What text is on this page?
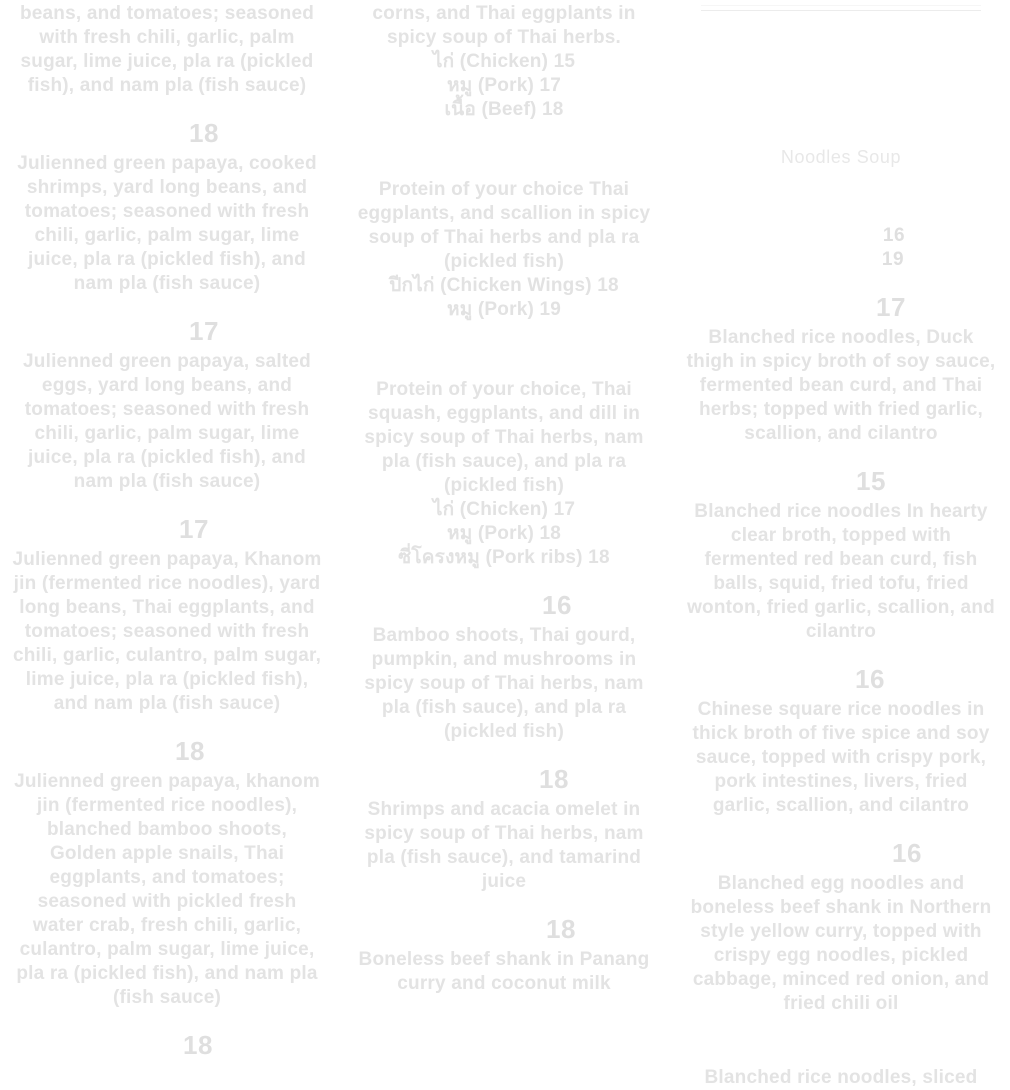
beans, and tomatoes; seasoned with fresh chili, garlic, palm sugar, lime juice, pla ra (pickled fish), and nam pla (fish sauce)
18
Julienned green papaya, cooked shrimps, yard long beans, and tomatoes; seasoned with fresh chili, garlic, palm sugar, lime juice, pla ra (pickled fish), and nam pla (fish sauce)
17
Julienned green papaya, salted eggs, yard long beans, and tomatoes; seasoned with fresh chili, garlic, palm sugar, lime juice, pla ra (pickled fish), and nam pla (fish sauce)
17
Julienned green papaya, Khanom jin (fermented rice noodles), yard long beans, Thai eggplants, and tomatoes; seasoned with fresh chili, garlic, culantro, palm sugar, lime juice, pla ra (pickled fish), and nam pla (fish sauce)
18
Julienned green papaya, khanom jin (fermented rice noodles), blanched bamboo shoots, Golden apple snails, Thai eggplants, and tomatoes; seasoned with pickled fresh water crab, fresh chili, garlic, culantro, palm sugar, lime juice, pla ra (pickled fish), and nam pla (fish sauce)
18
corns, and Thai eggplants in spicy soup of Thai herbs.
ไก่ (Chicken) 15
หมู (Pork) 17
เนื้อ (Beef) 18
Protein of your choice Thai eggplants, and scallion in spicy soup of Thai herbs and pla ra (pickled fish)
ปีกไก่ (Chicken Wings) 18
หมู (Pork) 19
Protein of your choice, Thai squash, eggplants, and dill in spicy soup of Thai herbs, nam pla (fish sauce), and pla ra (pickled fish)
ไก่ (Chicken) 17
หมู (Pork) 18
ซี่โครงหมู (Pork ribs) 18
16
Bamboo shoots, Thai gourd, pumpkin, and mushrooms in spicy soup of Thai herbs, nam pla (fish sauce), and pla ra (pickled fish)
18
Shrimps and acacia omelet in spicy soup of Thai herbs, nam pla (fish sauce), and tamarind juice
18
Boneless beef shank in Panang curry and coconut milk
Noodles Soup
16
19
17
Blanched rice noodles, Duck thigh in spicy broth of soy sauce, fermented bean curd, and Thai herbs; topped with fried garlic, scallion, and cilantro
15
Blanched rice noodles In hearty clear broth, topped with fermented red bean curd, fish balls, squid, fried tofu, fried wonton, fried garlic, scallion, and cilantro
16
Chinese square rice noodles in thick broth of five spice and soy sauce, topped with crispy pork, pork intestines, livers, fried garlic, scallion, and cilantro
16
Blanched egg noodles and boneless beef shank in Northern style yellow curry, topped with crispy egg noodles, pickled cabbage, minced red onion, and fried chili oil
Blanched rice noodles, sliced
